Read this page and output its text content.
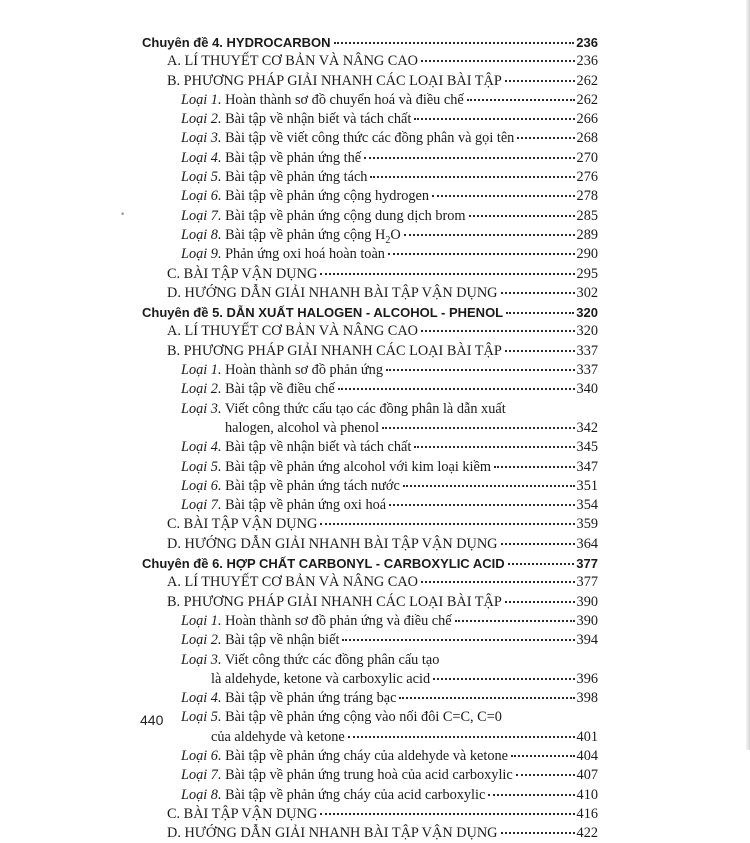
•
Chuyên đề 4. HYDROCARBON	236
A. LÍ THUYẾT CƠ BẢN VÀ NÂNG CAO	236
B. PHƯƠNG PHÁP GIẢI NHANH CÁC LOẠI BÀI TẬP	262
Loại 1. Hoàn thành sơ đồ chuyển hoá và điều chế	262
Loại 2. Bài tập về nhận biết và tách chất	266
Loại 3. Bài tập về viết công thức các đồng phân và gọi tên	268
Loại 4. Bài tập về phản ứng thế	270
Loại 5. Bài tập về phản ứng tách	276
Loại 6. Bài tập về phản ứng cộng hydrogen	278
Loại 7. Bài tập về phản ứng cộng dung dịch brom	285
Loại 8. Bài tập về phản ứng cộng $H_2O$	289
Loại 9. Phản ứng oxi hoá hoàn toàn	290
C. BÀI TẬP VẬN DỤNG	295
D. HƯỚNG DẪN GIẢI NHANH BÀI TẬP VẬN DỤNG	302
Chuyên đề 5. DẪN XUẤT HALOGEN - ALCOHOL - PHENOL	320
A. LÍ THUYẾT CƠ BẢN VÀ NÂNG CAO	320
B. PHƯƠNG PHÁP GIẢI NHANH CÁC LOẠI BÀI TẬP	337
Loại 1. Hoàn thành sơ đồ phản ứng	337
Loại 2. Bài tập về điều chế	340
Loại 3. Viết công thức cấu tạo các đồng phân là dẫn xuất
halogen, alcohol và phenol	342
Loại 4. Bài tập về nhận biết và tách chất	345
Loại 5. Bài tập về phản ứng alcohol với kim loại kiềm	347
Loại 6. Bài tập về phản ứng tách nước	351
Loại 7. Bài tập về phản ứng oxi hoá	354
C. BÀI TẬP VẬN DỤNG	359
D. HƯỚNG DẪN GIẢI NHANH BÀI TẬP VẬN DỤNG	364
Chuyên đề 6. HỢP CHẤT CARBONYL - CARBOXYLIC ACID	377
A. LÍ THUYẾT CƠ BẢN VÀ NÂNG CAO	377
B. PHƯƠNG PHÁP GIẢI NHANH CÁC LOẠI BÀI TẬP	390
Loại 1. Hoàn thành sơ đồ phản ứng và điều chế	390
Loại 2. Bài tập về nhận biết	394
Loại 3. Viết công thức các đồng phân cấu tạo
là aldehyde, ketone và carboxylic acid	396
Loại 4. Bài tập về phản ứng tráng bạc	398
Loại 5. Bài tập về phản ứng cộng vào nối đôi C=C, C=0
của aldehyde và ketone	401
Loại 6. Bài tập về phản ứng cháy của aldehyde và ketone	404
Loại 7. Bài tập về phản ứng trung hoà của acid carboxylic	407
Loại 8. Bài tập về phản ứng cháy của acid carboxylic	410
C. BÀI TẬP VẬN DỤNG	416
D. HƯỚNG DẪN GIẢI NHANH BÀI TẬP VẬN DỤNG	422
440
